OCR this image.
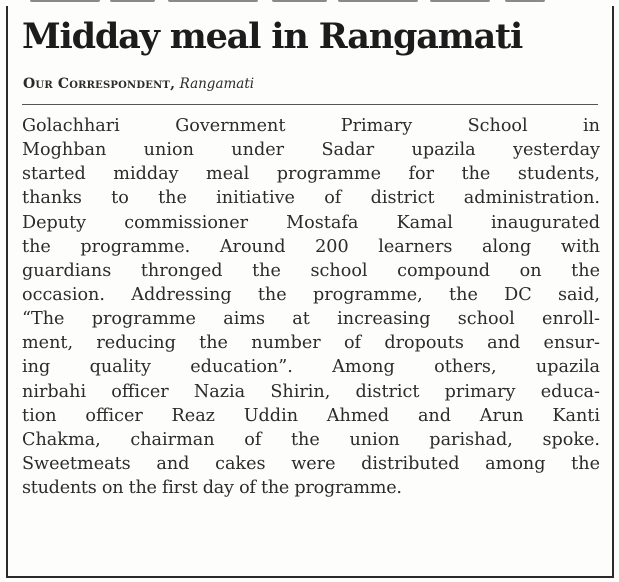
Midday meal in Rangamati
Our Correspondent, Rangamati
Golachhari Government Primary School in
Moghban union under Sadar upazila yesterday
started midday meal programme for the students,
thanks to the initiative of district administration.
Deputy commissioner Mostafa Kamal inaugurated
the programme. Around 200 learners along with
guardians thronged the school compound on the
occasion. Addressing the programme, the DC said,
“The programme aims at increasing school enroll-
ment, reducing the number of dropouts and ensur-
ing quality education”. Among others, upazila
nirbahi officer Nazia Shirin, district primary educa-
tion officer Reaz Uddin Ahmed and Arun Kanti
Chakma, chairman of the union parishad, spoke.
Sweetmeats and cakes were distributed among the
students on the first day of the programme.
